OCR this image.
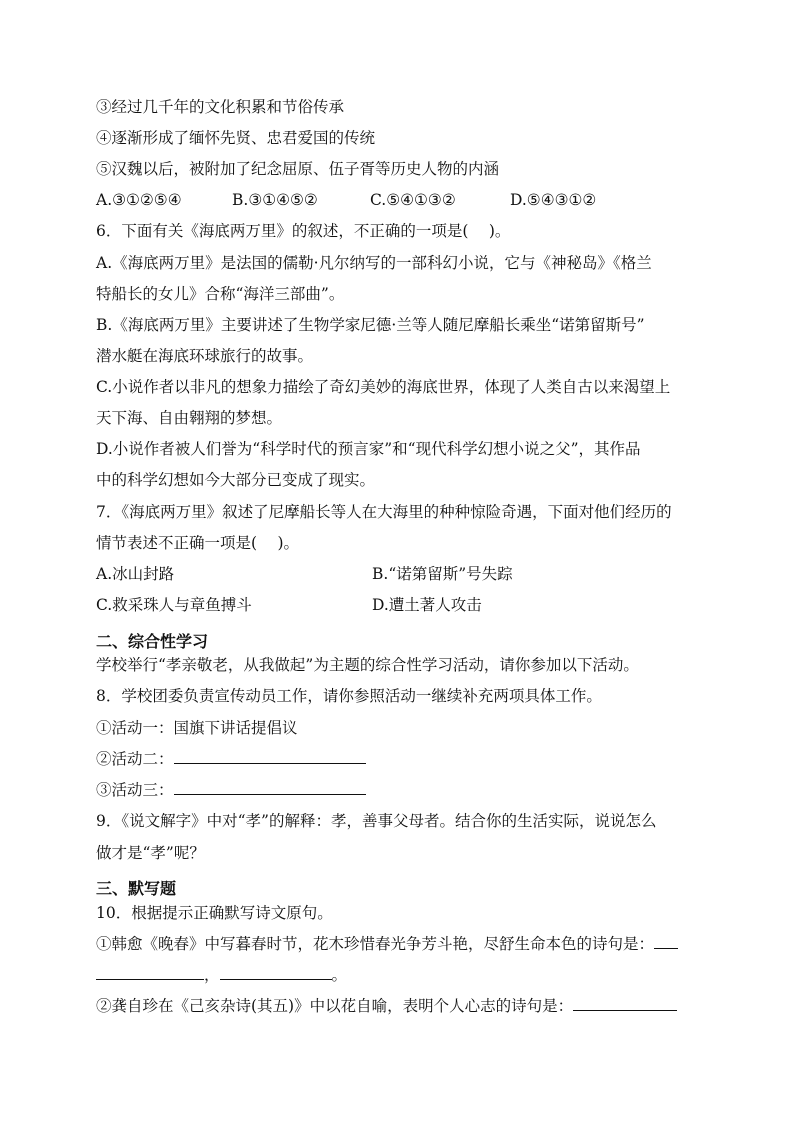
③经过几千年的文化积累和节俗传承
④逐渐形成了缅怀先贤、忠君爱国的传统
⑤汉魏以后，被附加了纪念屈原、伍子胥等历史人物的内涵
A.③①②⑤④	B.③①④⑤②	C.⑤④①③②	D.⑤④③①②
6．下面有关《海底两万里》的叙述，不正确的一项是(　 )。
A.《海底两万里》是法国的儒勒·凡尔纳写的一部科幻小说，它与《神秘岛》《格兰
特船长的女儿》合称“海洋三部曲”。
B.《海底两万里》主要讲述了生物学家尼德·兰等人随尼摩船长乘坐“诺第留斯号”
潜水艇在海底环球旅行的故事。
C.小说作者以非凡的想象力描绘了奇幻美妙的海底世界，体现了人类自古以来渴望上
天下海、自由翱翔的梦想。
D.小说作者被人们誉为“科学时代的预言家”和“现代科学幻想小说之父”，其作品
中的科学幻想如今大部分已变成了现实。
7．《海底两万里》叙述了尼摩船长等人在大海里的种种惊险奇遇，下面对他们经历的
情节表述不正确一项是(　 )。
A.冰山封路	B.“诺第留斯”号失踪
C.救采珠人与章鱼搏斗	D.遭土著人攻击
二、综合性学习
学校举行“孝亲敬老，从我做起”为主题的综合性学习活动，请你参加以下活动。
8．学校团委负责宣传动员工作，请你参照活动一继续补充两项具体工作。
①活动一：国旗下讲话提倡议
②活动二：
③活动三：
9．《说文解字》中对“孝”的解释：孝，善事父母者。结合你的生活实际，说说怎么
做才是“孝”呢？
三、默写题
10．根据提示正确默写诗文原句。
①韩愈《晚春》中写暮春时节，花木珍惜春光争芳斗艳，尽舒生命本色的诗句是：
，	。
②龚自珍在《己亥杂诗(其五)》中以花自喻，表明个人心志的诗句是：
